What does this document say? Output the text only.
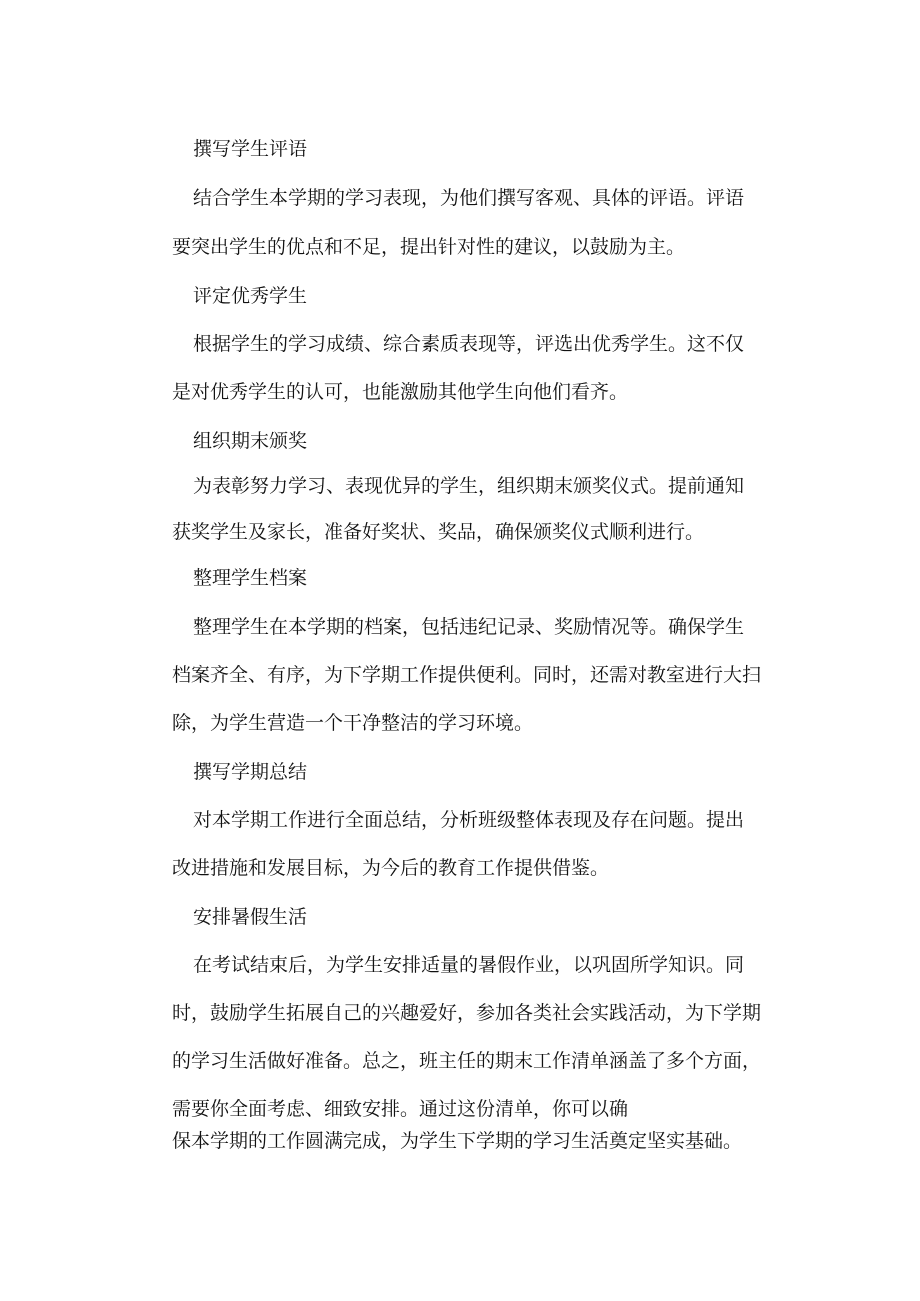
撰写学生评语
结合学生本学期的学习表现，为他们撰写客观、具体的评语。评语
要突出学生的优点和不足，提出针对性的建议，以鼓励为主。
评定优秀学生
根据学生的学习成绩、综合素质表现等，评选出优秀学生。这不仅
是对优秀学生的认可，也能激励其他学生向他们看齐。
组织期末颁奖
为表彰努力学习、表现优异的学生，组织期末颁奖仪式。提前通知
获奖学生及家长，准备好奖状、奖品，确保颁奖仪式顺利进行。
整理学生档案
整理学生在本学期的档案，包括违纪记录、奖励情况等。确保学生
档案齐全、有序，为下学期工作提供便利。同时，还需对教室进行大扫
除，为学生营造一个干净整洁的学习环境。
撰写学期总结
对本学期工作进行全面总结，分析班级整体表现及存在问题。提出
改进措施和发展目标，为今后的教育工作提供借鉴。
安排暑假生活
在考试结束后，为学生安排适量的暑假作业，以巩固所学知识。同
时，鼓励学生拓展自己的兴趣爱好，参加各类社会实践活动，为下学期
的学习生活做好准备。总之，班主任的期末工作清单涵盖了多个方面，
需要你全面考虑、细致安排。通过这份清单，你可以确
保本学期的工作圆满完成，为学生下学期的学习生活奠定坚实基础。
